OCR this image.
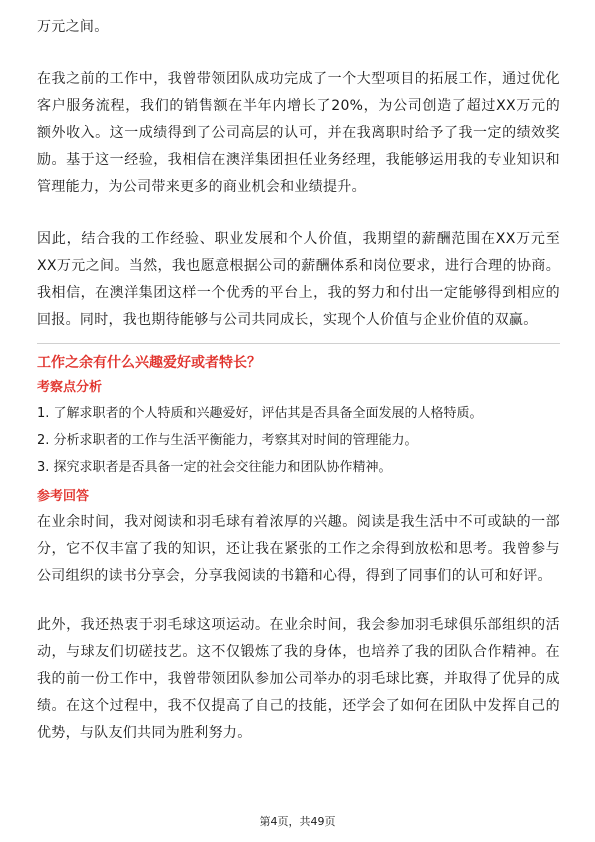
万元之间。

在我之前的工作中，我曾带领团队成功完成了一个大型项目的拓展工作，通过优化客户服务流程，我们的销售额在半年内增长了20%，为公司创造了超过XX万元的额外收入。这一成绩得到了公司高层的认可，并在我离职时给予了我一定的绩效奖励。基于这一经验，我相信在澳洋集团担任业务经理，我能够运用我的专业知识和管理能力，为公司带来更多的商业机会和业绩提升。

因此，结合我的工作经验、职业发展和个人价值，我期望的薪酬范围在XX万元至XX万元之间。当然，我也愿意根据公司的薪酬体系和岗位要求，进行合理的协商。我相信，在澳洋集团这样一个优秀的平台上，我的努力和付出一定能够得到相应的回报。同时，我也期待能够与公司共同成长，实现个人价值与企业价值的双赢。

工作之余有什么兴趣爱好或者特长？
考察点分析
1. 了解求职者的个人特质和兴趣爱好，评估其是否具备全面发展的人格特质。
2. 分析求职者的工作与生活平衡能力，考察其对时间的管理能力。
3. 探究求职者是否具备一定的社会交往能力和团队协作精神。
参考回答

在业余时间，我对阅读和羽毛球有着浓厚的兴趣。阅读是我生活中不可或缺的一部分，它不仅丰富了我的知识，还让我在紧张的工作之余得到放松和思考。我曾参与公司组织的读书分享会，分享我阅读的书籍和心得，得到了同事们的认可和好评。

此外，我还热衷于羽毛球这项运动。在业余时间，我会参加羽毛球俱乐部组织的活动，与球友们切磋技艺。这不仅锻炼了我的身体，也培养了我的团队合作精神。在我的前一份工作中，我曾带领团队参加公司举办的羽毛球比赛，并取得了优异的成绩。在这个过程中，我不仅提高了自己的技能，还学会了如何在团队中发挥自己的优势，与队友们共同为胜利努力。

第4页，共49页
